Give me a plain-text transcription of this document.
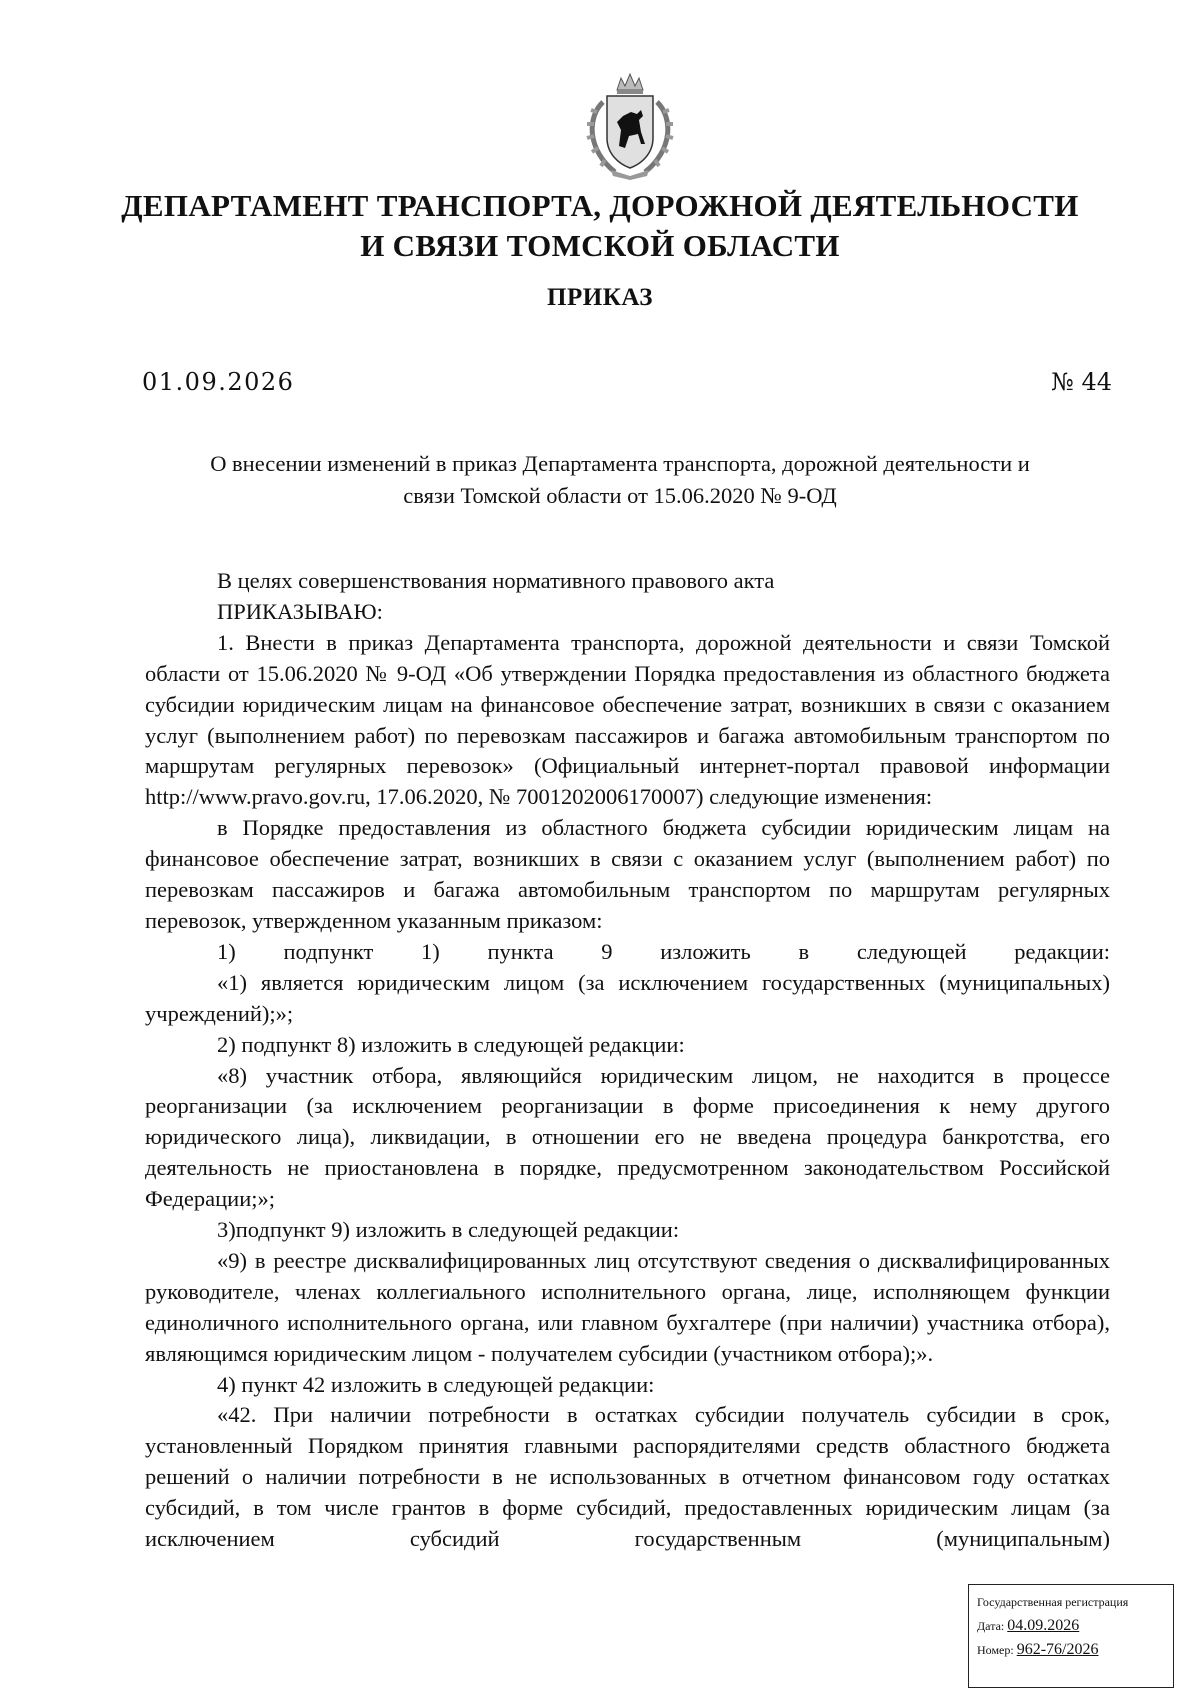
ДЕПАРТАМЕНТ ТРАНСПОРТА, ДОРОЖНОЙ ДЕЯТЕЛЬНОСТИ
И СВЯЗИ ТОМСКОЙ ОБЛАСТИ
ПРИКАЗ
01.09.2026	№ 44
О внесении изменений в приказ Департамента транспорта, дорожной деятельности и
связи Томской области от 15.06.2020 № 9-ОД

В целях совершенствования нормативного правового акта

ПРИКАЗЫВАЮ:

1. Внести в приказ Департамента транспорта, дорожной деятельности и связи Томской области от 15.06.2020 № 9-ОД «Об утверждении Порядка предоставления из областного бюджета субсидии юридическим лицам на финансовое обеспечение затрат, возникших в связи с оказанием услуг (выполнением работ) по перевозкам пассажиров и багажа автомобильным транспортом по маршрутам регулярных перевозок» (Официальный интернет-портал правовой информации http://www.pravo.gov.ru, 17.06.2020, № 7001202006170007) следующие изменения:

в Порядке предоставления из областного бюджета субсидии юридическим лицам на финансовое обеспечение затрат, возникших в связи с оказанием услуг (выполнением работ) по перевозкам пассажиров и багажа автомобильным транспортом по маршрутам регулярных перевозок, утвержденном указанным приказом:

1) подпункт 1) пункта 9 изложить в следующей редакции:

«1) является юридическим лицом (за исключением государственных (муниципальных) учреждений);»;

2) подпункт 8) изложить в следующей редакции:

«8) участник отбора, являющийся юридическим лицом, не находится в процессе реорганизации (за исключением реорганизации в форме присоединения к нему другого юридического лица), ликвидации, в отношении его не введена процедура банкротства, его деятельность не приостановлена в порядке, предусмотренном законодательством Российской Федерации;»;

3)подпункт 9) изложить в следующей редакции:

«9) в реестре дисквалифицированных лиц отсутствуют сведения о дисквалифицированных руководителе, членах коллегиального исполнительного органа, лице, исполняющем функции единоличного исполнительного органа, или главном бухгалтере (при наличии) участника отбора), являющимся юридическим лицом - получателем субсидии (участником отбора);».

4) пункт 42 изложить в следующей редакции:

«42. При наличии потребности в остатках субсидии получатель субсидии в срок, установленный Порядком принятия главными распорядителями средств областного бюджета решений о наличии потребности в не использованных в отчетном финансовом году остатках субсидий, в том числе грантов в форме субсидий, предоставленных юридическим лицам (за исключением субсидий государственным (муниципальным)

Государственная регистрация
Дата: 04.09.2026
Номер: 962-76/2026
